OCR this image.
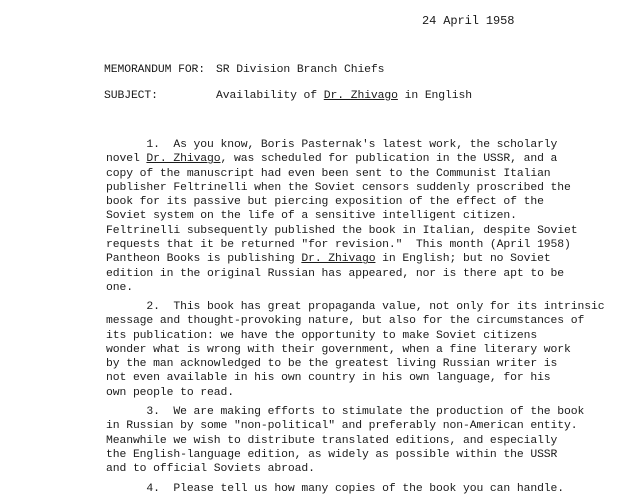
24 April 1958
MEMORANDUM FOR: SR Division Branch Chiefs
SUBJECT:	Availability of Dr. Zhivago in English
1.  As you know, Boris Pasternak's latest work, the scholarly
novel Dr. Zhivago, was scheduled for publication in the USSR, and a
copy of the manuscript had even been sent to the Communist Italian
publisher Feltrinelli when the Soviet censors suddenly proscribed the
book for its passive but piercing exposition of the effect of the
Soviet system on the life of a sensitive intelligent citizen.
Feltrinelli subsequently published the book in Italian, despite Soviet
requests that it be returned "for revision."  This month (April 1958)
Pantheon Books is publishing Dr. Zhivago in English; but no Soviet
edition in the original Russian has appeared, nor is there apt to be
one.
2.  This book has great propaganda value, not only for its intrinsic
message and thought-provoking nature, but also for the circumstances of
its publication: we have the opportunity to make Soviet citizens
wonder what is wrong with their government, when a fine literary work
by the man acknowledged to be the greatest living Russian writer is
not even available in his own country in his own language, for his
own people to read.
3.  We are making efforts to stimulate the production of the book
in Russian by some "non-political" and preferably non-American entity.
Meanwhile we wish to distribute translated editions, and especially
the English-language edition, as widely as possible within the USSR
and to official Soviets abroad.
4.  Please tell us how many copies of the book you can handle.
